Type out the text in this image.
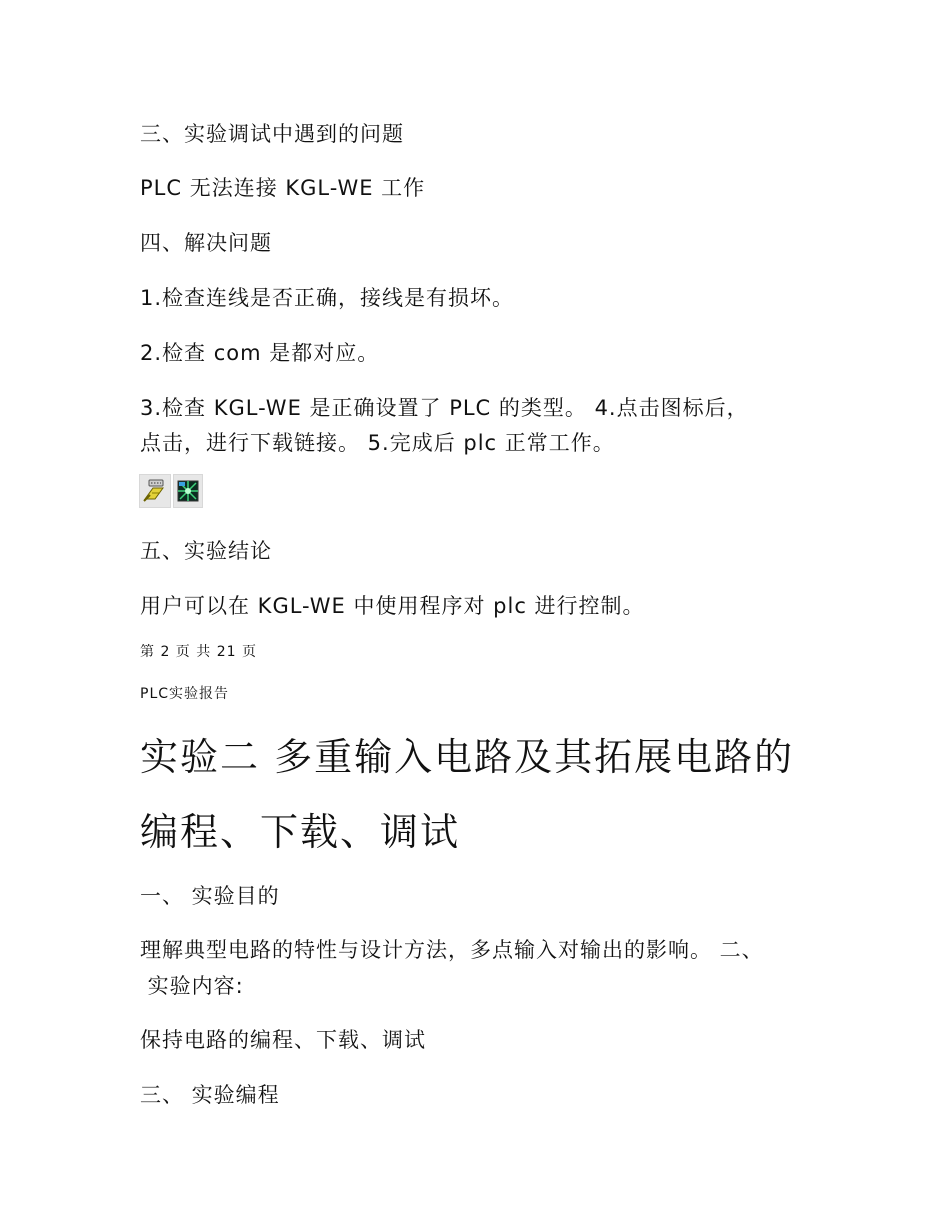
三、实验调试中遇到的问题

PLC 无法连接 KGL-WE 工作

四、解决问题

1.检查连线是否正确，接线是有损坏。

2.检查 com 是都对应。

3.检查 KGL-WE 是正确设置了 PLC 的类型。 4.点击图标后，

点击，进行下载链接。 5.完成后 plc 正常工作。

五、实验结论

用户可以在 KGL-WE 中使用程序对 plc 进行控制。

第 2 页 共 21 页

PLC实验报告

实验二 多重输入电路及其拓展电路的
编程、下载、调试

一、 实验目的

理解典型电路的特性与设计方法，多点输入对输出的影响。 二、

实验内容:

保持电路的编程、下载、调试

三、 实验编程
